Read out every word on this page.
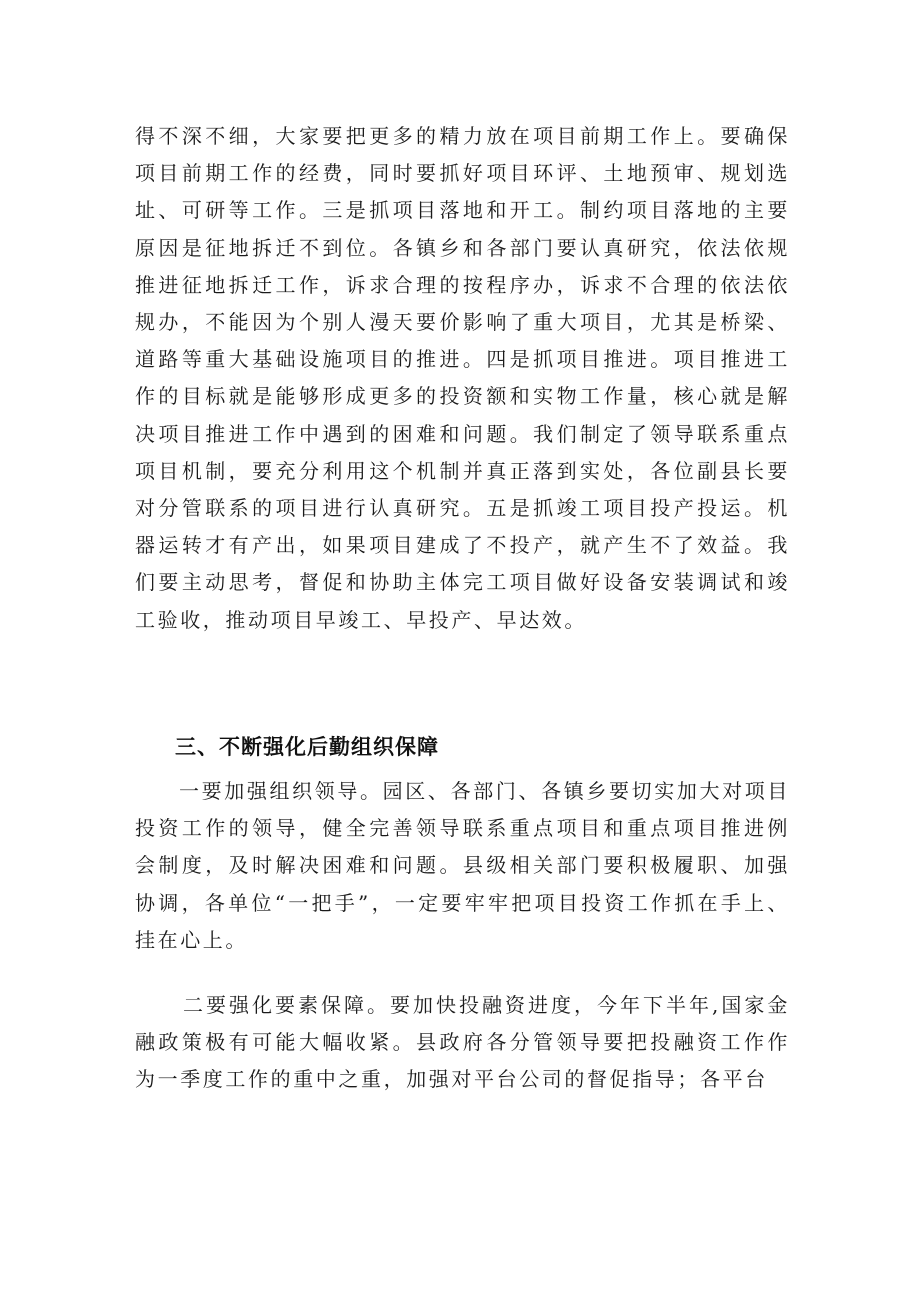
得不深不细，大家要把更多的精力放在项目前期工作上。要确保项目前期工作的经费，同时要抓好项目环评、土地预审、规划选址、可研等工作。三是抓项目落地和开工。制约项目落地的主要原因是征地拆迁不到位。各镇乡和各部门要认真研究，依法依规推进征地拆迁工作，诉求合理的按程序办，诉求不合理的依法依规办，不能因为个别人漫天要价影响了重大项目，尤其是桥梁、道路等重大基础设施项目的推进。四是抓项目推进。项目推进工作的目标就是能够形成更多的投资额和实物工作量，核心就是解决项目推进工作中遇到的困难和问题。我们制定了领导联系重点项目机制，要充分利用这个机制并真正落到实处，各位副县长要对分管联系的项目进行认真研究。五是抓竣工项目投产投运。机器运转才有产出，如果项目建成了不投产，就产生不了效益。我们要主动思考，督促和协助主体完工项目做好设备安装调试和竣工验收，推动项目早竣工、早投产、早达效。

三、不断强化后勤组织保障

一要加强组织领导。园区、各部门、各镇乡要切实加大对项目投资工作的领导，健全完善领导联系重点项目和重点项目推进例会制度，及时解决困难和问题。县级相关部门要积极履职、加强协调，各单位“一把手”，一定要牢牢把项目投资工作抓在手上、挂在心上。

二要强化要素保障。要加快投融资进度，今年下半年,国家金融政策极有可能大幅收紧。县政府各分管领导要把投融资工作作为一季度工作的重中之重，加强对平台公司的督促指导；各平台
